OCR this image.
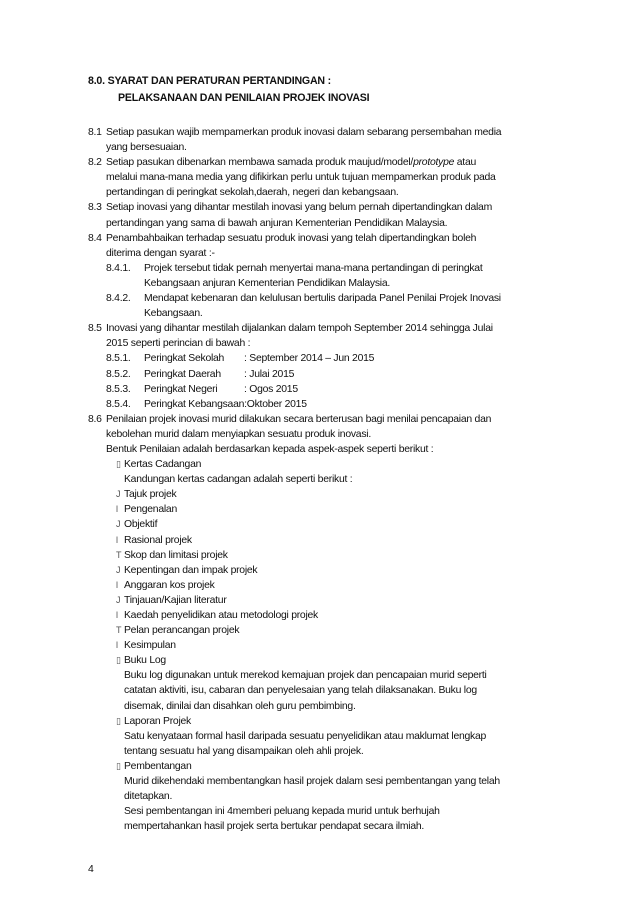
8.0. SYARAT DAN PERATURAN PERTANDINGAN :
PELAKSANAAN DAN PENILAIAN PROJEK INOVASI
8.1 Setiap pasukan wajib mempamerkan produk inovasi dalam sebarang persembahan media
yang bersesuaian.
8.2 Setiap pasukan dibenarkan membawa samada produk maujud/model/prototype atau
melalui mana-mana media yang difikirkan perlu untuk tujuan mempamerkan produk pada
pertandingan di peringkat sekolah,daerah, negeri dan kebangsaan.
8.3 Setiap inovasi yang dihantar mestilah inovasi yang belum pernah dipertandingkan dalam
pertandingan yang sama di bawah anjuran Kementerian Pendidikan Malaysia.
8.4 Penambahbaikan terhadap sesuatu produk inovasi yang telah dipertandingkan boleh
diterima dengan syarat :-
8.4.1.	Projek tersebut tidak pernah menyertai mana-mana pertandingan di peringkat
Kebangsaan anjuran Kementerian Pendidikan Malaysia.
8.4.2.	Mendapat kebenaran dan kelulusan bertulis daripada Panel Penilai Projek Inovasi
Kebangsaan.
8.5 Inovasi yang dihantar mestilah dijalankan dalam tempoh September 2014 sehingga Julai
2015 seperti perincian di bawah :
8.5.1.	Peringkat Sekolah	: September 2014 – Jun 2015
8.5.2.	Peringkat Daerah	: Julai 2015
8.5.3.	Peringkat Negeri	: Ogos 2015
8.5.4.	Peringkat Kebangsaan: Oktober 2015
8.6 Penilaian projek inovasi murid dilakukan secara berterusan bagi menilai pencapaian dan
kebolehan murid dalam menyiapkan sesuatu produk inovasi.
Bentuk Penilaian adalah berdasarkan kepada aspek-aspek seperti berikut :
▯ Kertas Cadangan
Kandungan kertas cadangan adalah seperti berikut :
J Tajuk projek
l Pengenalan
J Objektif
l Rasional projek
T Skop dan limitasi projek
J Kepentingan dan impak projek
l Anggaran kos projek
J Tinjauan/Kajian literatur
l Kaedah penyelidikan atau metodologi projek
T Pelan perancangan projek
l Kesimpulan
▯ Buku Log
Buku log digunakan untuk merekod kemajuan projek dan pencapaian murid seperti
catatan aktiviti, isu, cabaran dan penyelesaian yang telah dilaksanakan. Buku log
disemak, dinilai dan disahkan oleh guru pembimbing.
▯ Laporan Projek
Satu kenyataan formal hasil daripada sesuatu penyelidikan atau maklumat lengkap
tentang sesuatu hal yang disampaikan oleh ahli projek.
▯ Pembentangan
Murid dikehendaki membentangkan hasil projek dalam sesi pembentangan yang telah
ditetapkan.
Sesi pembentangan ini 4memberi peluang kepada murid untuk berhujah
mempertahankan hasil projek serta bertukar pendapat secara ilmiah.
4
